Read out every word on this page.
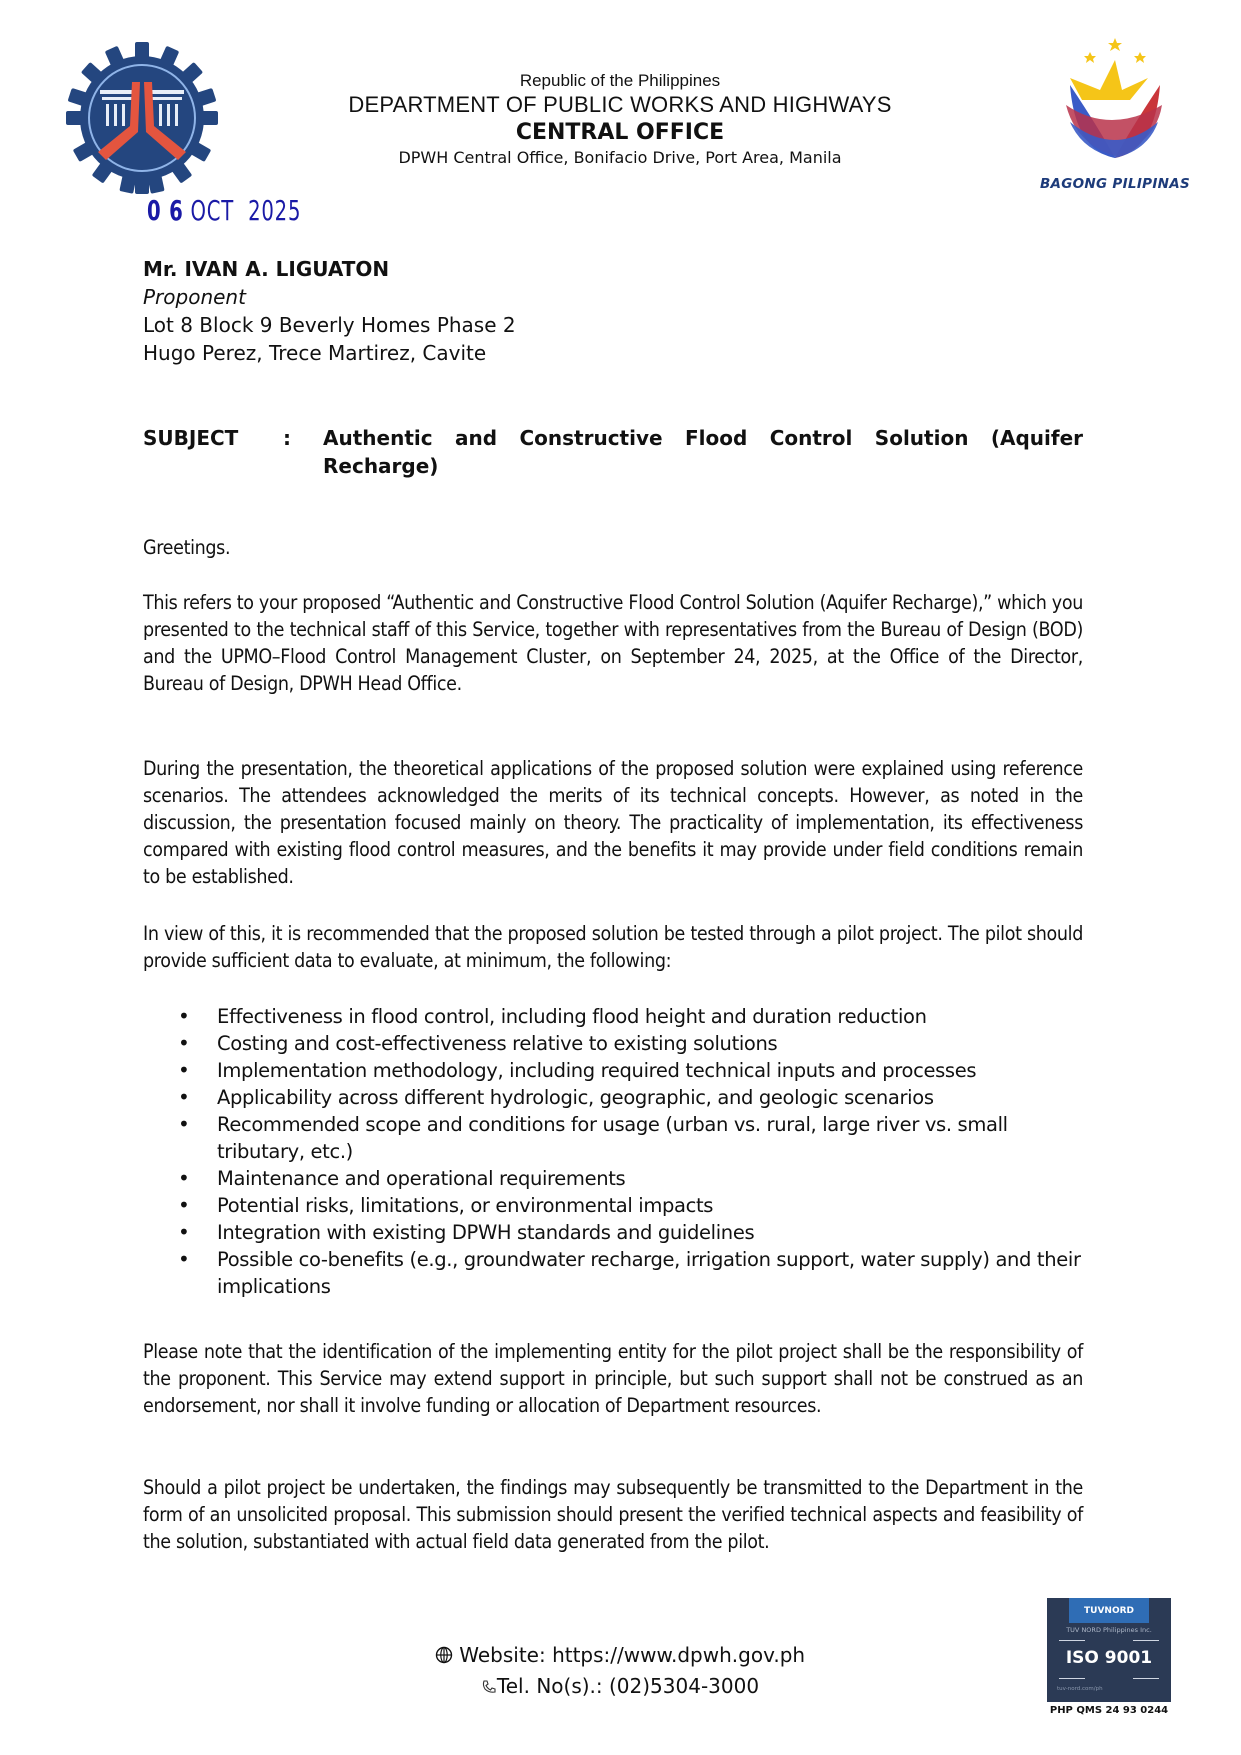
Republic of the Philippines
DEPARTMENT OF PUBLIC WORKS AND HIGHWAYS
CENTRAL OFFICE
DPWH Central Office, Bonifacio Drive, Port Area, Manila
BAGONG PILIPINAS
0 6 OCT  2025
Mr. IVAN A. LIGUATON
Proponent
Lot 8 Block 9 Beverly Homes Phase 2
Hugo Perez, Trece Martirez, Cavite
SUBJECT : Authentic and Constructive Flood Control Solution (Aquifer
Recharge)
Greetings.
This refers to your proposed “Authentic and Constructive Flood Control Solution (Aquifer Recharge),” which you presented to the technical staff of this Service, together with representatives from the Bureau of Design (BOD) and the UPMO–Flood Control Management Cluster, on September 24, 2025, at the Office of the Director, Bureau of Design, DPWH Head Office.
During the presentation, the theoretical applications of the proposed solution were explained using reference scenarios. The attendees acknowledged the merits of its technical concepts. However, as noted in the discussion, the presentation focused mainly on theory. The practicality of implementation, its effectiveness compared with existing flood control measures, and the benefits it may provide under field conditions remain to be established.
In view of this, it is recommended that the proposed solution be tested through a pilot project. The pilot should provide sufficient data to evaluate, at minimum, the following:
• Effectiveness in flood control, including flood height and duration reduction
• Costing and cost-effectiveness relative to existing solutions
• Implementation methodology, including required technical inputs and processes
• Applicability across different hydrologic, geographic, and geologic scenarios
• Recommended scope and conditions for usage (urban vs. rural, large river vs. small tributary, etc.)
• Maintenance and operational requirements
• Potential risks, limitations, or environmental impacts
• Integration with existing DPWH standards and guidelines
• Possible co-benefits (e.g., groundwater recharge, irrigation support, water supply) and their implications
Please note that the identification of the implementing entity for the pilot project shall be the responsibility of the proponent. This Service may extend support in principle, but such support shall not be construed as an endorsement, nor shall it involve funding or allocation of Department resources.
Should a pilot project be undertaken, the findings may subsequently be transmitted to the Department in the form of an unsolicited proposal. This submission should present the verified technical aspects and feasibility of the solution, substantiated with actual field data generated from the pilot.
Website: https://www.dpwh.gov.ph
Tel. No(s).: (02)5304-3000
TUVNORD
TUV NORD Philippines Inc.
ISO 9001
tuv-nord.com/ph
PHP QMS 24 93 0244
